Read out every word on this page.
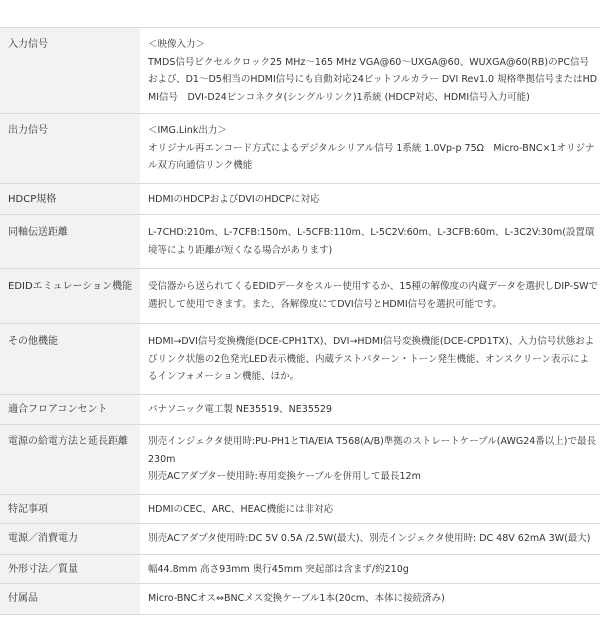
入力信号	＜映像入力＞
TMDS信号ピクセルクロック25 MHz～165 MHz VGA@60～UXGA@60、WUXGA@60(RB)のPC信号および、D1～D5相当のHDMI信号にも自動対応24ビットフルカラー DVI Rev1.0 規格準拠信号またはHDMI信号　DVI-D24ピンコネクタ(シングルリンク)1系統 (HDCP対応、HDMI信号入力可能)

出力信号	＜IMG.Link出力＞
オリジナル再エンコード方式によるデジタルシリアル信号 1系統 1.0Vp-p 75Ω　Micro-BNC×1オリジナル双方向通信リンク機能

HDCP規格	HDMIのHDCPおよびDVIのHDCPに対応

同軸伝送距離	L-7CHD:210m、L-7CFB:150m、L-5CFB:110m、L-5C2V:60m、L-3CFB:60m、L-3C2V:30m(設置環境等により距離が短くなる場合があります)

EDIDエミュレーション機能	受信器から送られてくるEDIDデータをスルー使用するか、15種の解像度の内蔵データを選択しDIP-SWで選択して使用できます。また、各解像度にてDVI信号とHDMI信号を選択可能です。

その他機能	HDMI→DVI信号変換機能(DCE-CPH1TX)、DVI→HDMI信号変換機能(DCE-CPD1TX)、入力信号状態およびリンク状態の2色発光LED表示機能、内蔵テストパターン・トーン発生機能、オンスクリーン表示によるインフォメーション機能、ほか。

適合フロアコンセント	パナソニック電工製 NE35519、NE35529

電源の給電方法と延長距離	別売インジェクタ使用時:PU-PH1とTIA/EIA T568(A/B)準拠のストレートケーブル(AWG24番以上)で最長230m
別売ACアダプター使用時:専用変換ケーブルを併用して最長12m

特記事項	HDMIのCEC、ARC、HEAC機能には非対応

電源／消費電力	別売ACアダプタ使用時:DC 5V 0.5A /2.5W(最大)、別売インジェクタ使用時: DC 48V 62mA 3W(最大)

外形寸法／質量	幅44.8mm 高さ93mm 奥行45mm 突起部は含まず/約210g

付属品	Micro-BNCオス⇔BNCメス変換ケーブル1本(20cm、本体に接続済み)
